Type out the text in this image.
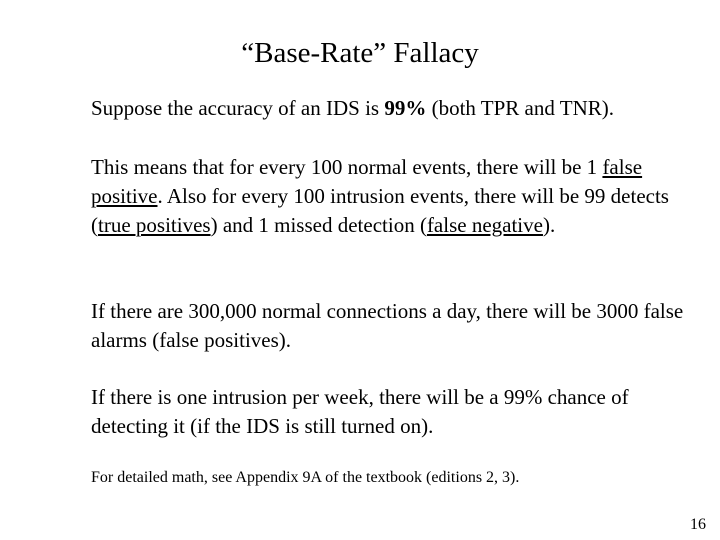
“Base-Rate” Fallacy
Suppose the accuracy of an IDS is 99% (both TPR and TNR).
This means that for every 100 normal events, there will be 1 false positive. Also for every 100 intrusion events, there will be 99 detects (true positives) and 1 missed detection (false negative).
If there are 300,000 normal connections a day, there will be 3000 false alarms (false positives).
If there is one intrusion per week, there will be a 99% chance of detecting it (if the IDS is still turned on).
For detailed math, see Appendix 9A of the textbook (editions 2, 3).
16
